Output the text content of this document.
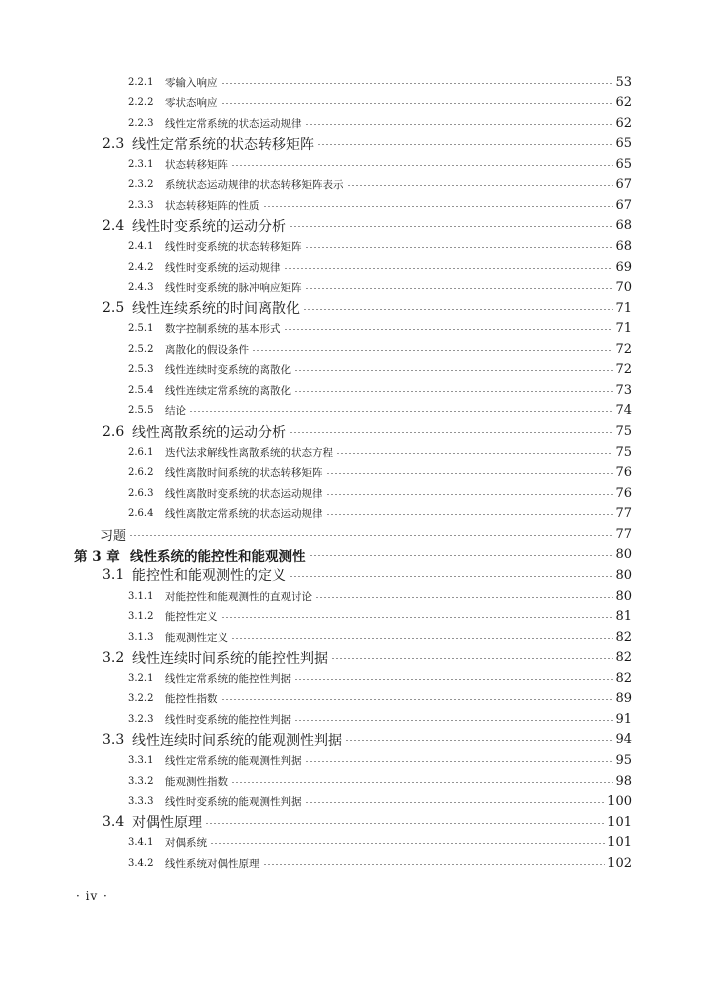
2.2.1	零输入响应	53
2.2.2	零状态响应	62
2.2.3	线性定常系统的状态运动规律	62
2.3 线性定常系统的状态转移矩阵	65
2.3.1	状态转移矩阵	65
2.3.2	系统状态运动规律的状态转移矩阵表示	67
2.3.3	状态转移矩阵的性质	67
2.4 线性时变系统的运动分析	68
2.4.1	线性时变系统的状态转移矩阵	68
2.4.2	线性时变系统的运动规律	69
2.4.3	线性时变系统的脉冲响应矩阵	70
2.5 线性连续系统的时间离散化	71
2.5.1	数字控制系统的基本形式	71
2.5.2	离散化的假设条件	72
2.5.3	线性连续时变系统的离散化	72
2.5.4	线性连续定常系统的离散化	73
2.5.5	结论	74
2.6 线性离散系统的运动分析	75
2.6.1	迭代法求解线性离散系统的状态方程	75
2.6.2	线性离散时间系统的状态转移矩阵	76
2.6.3	线性离散时变系统的状态运动规律	76
2.6.4	线性离散定常系统的状态运动规律	77
习题	77
第 3 章 线性系统的能控性和能观测性	80
3.1 能控性和能观测性的定义	80
3.1.1	对能控性和能观测性的直观讨论	80
3.1.2	能控性定义	81
3.1.3	能观测性定义	82
3.2 线性连续时间系统的能控性判据	82
3.2.1	线性定常系统的能控性判据	82
3.2.2	能控性指数	89
3.2.3	线性时变系统的能控性判据	91
3.3 线性连续时间系统的能观测性判据	94
3.3.1	线性定常系统的能观测性判据	95
3.3.2	能观测性指数	98
3.3.3	线性时变系统的能观测性判据	100
3.4 对偶性原理	101
3.4.1	对偶系统	101
3.4.2	线性系统对偶性原理	102
· iv ·
